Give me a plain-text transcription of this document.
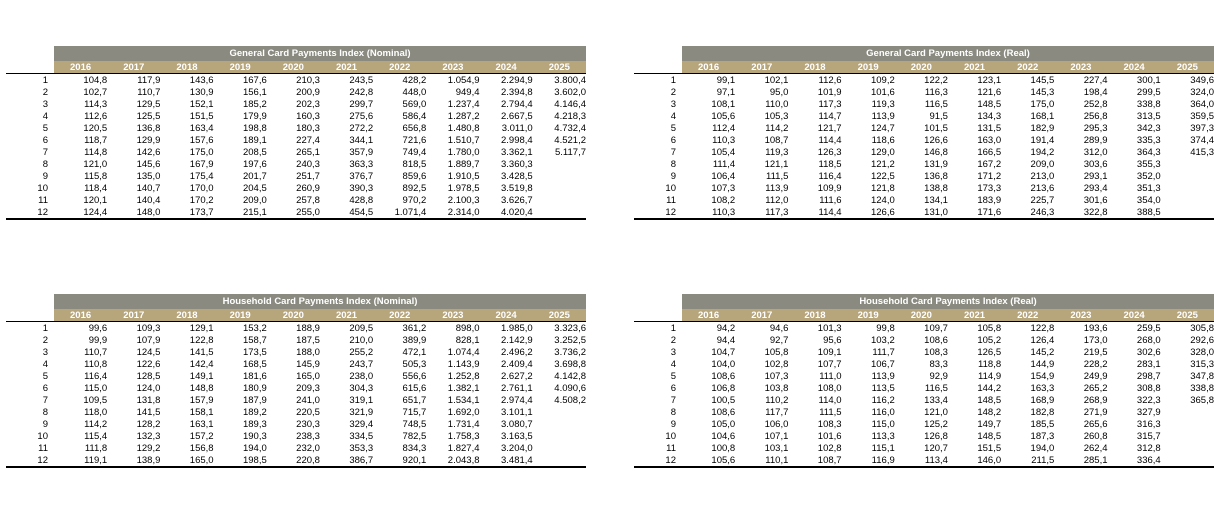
	General Card Payments Index (Nominal)									
	2016	2017	2018	2019	2020	2021	2022	2023	2024	2025
1	104,8	117,9	143,6	167,6	210,3	243,5	428,2	1.054,9	2.294,9	3.800,4
2	102,7	110,7	130,9	156,1	200,9	242,8	448,0	949,4	2.394,8	3.602,0
3	114,3	129,5	152,1	185,2	202,3	299,7	569,0	1.237,4	2.794,4	4.146,4
4	112,6	125,5	151,5	179,9	160,3	275,6	586,4	1.287,2	2.667,5	4.218,3
5	120,5	136,8	163,4	198,8	180,3	272,2	656,8	1.480,8	3.011,0	4.732,4
6	118,7	129,9	157,6	189,1	227,4	344,1	721,6	1.510,7	2.998,4	4.521,2
7	114,8	142,6	175,0	208,5	265,1	357,9	749,4	1.780,0	3.362,1	5.117,7
8	121,0	145,6	167,9	197,6	240,3	363,3	818,5	1.889,7	3.360,3	
9	115,8	135,0	175,4	201,7	251,7	376,7	859,6	1.910,5	3.428,5	
10	118,4	140,7	170,0	204,5	260,9	390,3	892,5	1.978,5	3.519,8	
11	120,1	140,4	170,2	209,0	257,8	428,8	970,2	2.100,3	3.626,7	
12	124,4	148,0	173,7	215,1	255,0	454,5	1.071,4	2.314,0	4.020,4	
	General Card Payments Index (Real)									
	2016	2017	2018	2019	2020	2021	2022	2023	2024	2025
1	99,1	102,1	112,6	109,2	122,2	123,1	145,5	227,4	300,1	349,6
2	97,1	95,0	101,9	101,6	116,3	121,6	145,3	198,4	299,5	324,0
3	108,1	110,0	117,3	119,3	116,5	148,5	175,0	252,8	338,8	364,0
4	105,6	105,3	114,7	113,9	91,5	134,3	168,1	256,8	313,5	359,5
5	112,4	114,2	121,7	124,7	101,5	131,5	182,9	295,3	342,3	397,3
6	110,3	108,7	114,4	118,6	126,6	163,0	191,4	289,9	335,3	374,4
7	105,4	119,3	126,3	129,0	146,8	166,5	194,2	312,0	364,3	415,3
8	111,4	121,1	118,5	121,2	131,9	167,2	209,0	303,6	355,3	
9	106,4	111,5	116,4	122,5	136,8	171,2	213,0	293,1	352,0	
10	107,3	113,9	109,9	121,8	138,8	173,3	213,6	293,4	351,3	
11	108,2	112,0	111,6	124,0	134,1	183,9	225,7	301,6	354,0	
12	110,3	117,3	114,4	126,6	131,0	171,6	246,3	322,8	388,5	
	Household Card Payments Index (Nominal)									
	2016	2017	2018	2019	2020	2021	2022	2023	2024	2025
1	99,6	109,3	129,1	153,2	188,9	209,5	361,2	898,0	1.985,0	3.323,6
2	99,9	107,9	122,8	158,7	187,5	210,0	389,9	828,1	2.142,9	3.252,5
3	110,7	124,5	141,5	173,5	188,0	255,2	472,1	1.074,4	2.496,2	3.736,2
4	110,8	122,6	142,4	168,5	145,9	243,7	505,3	1.143,9	2.409,4	3.698,8
5	116,4	128,5	149,1	181,6	165,0	238,0	556,6	1.252,8	2.627,2	4.142,8
6	115,0	124,0	148,8	180,9	209,3	304,3	615,6	1.382,1	2.761,1	4.090,6
7	109,5	131,8	157,9	187,9	241,0	319,1	651,7	1.534,1	2.974,4	4.508,2
8	118,0	141,5	158,1	189,2	220,5	321,9	715,7	1.692,0	3.101,1	
9	114,2	128,2	163,1	189,3	230,3	329,4	748,5	1.731,4	3.080,7	
10	115,4	132,3	157,2	190,3	238,3	334,5	782,5	1.758,3	3.163,5	
11	111,8	129,2	156,8	194,0	232,0	353,3	834,3	1.827,4	3.204,0	
12	119,1	138,9	165,0	198,5	220,8	386,7	920,1	2.043,8	3.481,4	
	Household Card Payments Index (Real)									
	2016	2017	2018	2019	2020	2021	2022	2023	2024	2025
1	94,2	94,6	101,3	99,8	109,7	105,8	122,8	193,6	259,5	305,8
2	94,4	92,7	95,6	103,2	108,6	105,2	126,4	173,0	268,0	292,6
3	104,7	105,8	109,1	111,7	108,3	126,5	145,2	219,5	302,6	328,0
4	104,0	102,8	107,7	106,7	83,3	118,8	144,9	228,2	283,1	315,3
5	108,6	107,3	111,0	113,9	92,9	114,9	154,9	249,9	298,7	347,8
6	106,8	103,8	108,0	113,5	116,5	144,2	163,3	265,2	308,8	338,8
7	100,5	110,2	114,0	116,2	133,4	148,5	168,9	268,9	322,3	365,8
8	108,6	117,7	111,5	116,0	121,0	148,2	182,8	271,9	327,9	
9	105,0	106,0	108,3	115,0	125,2	149,7	185,5	265,6	316,3	
10	104,6	107,1	101,6	113,3	126,8	148,5	187,3	260,8	315,7	
11	100,8	103,1	102,8	115,1	120,7	151,5	194,0	262,4	312,8	
12	105,6	110,1	108,7	116,9	113,4	146,0	211,5	285,1	336,4	
